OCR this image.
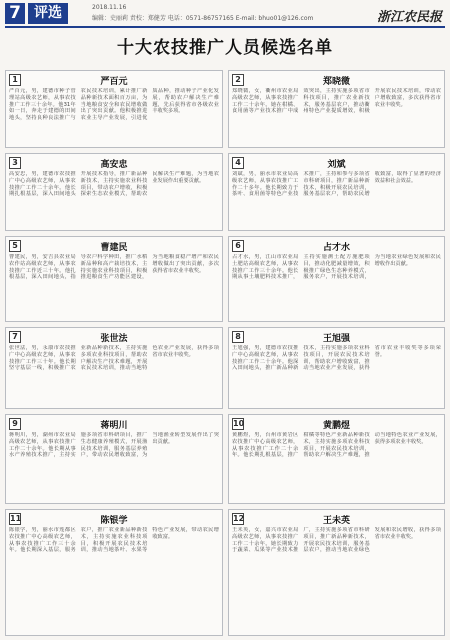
7 评选	2018.11.16
编辑：史丽莉 责校：郑健芳 电话：0571-86757165 E-mail: bhuo01@126.com	浙江农民报
十大农技推广人员候选名单
1	严百元
严百元，男，建德市种子管理站高级农艺师，从事农技推广工作三十余年。他31年如一日，奔走于建德的田间地头，坚持良种良法推广与农民技术培训，累计推广新品种新技术面积百万亩，为当地粮食安全和农民增收做出了突出贡献。他积极推进农业主导产业发展，引进优质品种，推动种子产业化发展，帮助农户解决生产难题，先后获得省市各级农业丰收奖多项。
2	郑晓微
郑晓微，女，衢州市农业局高级农艺师，从事农技推广工作二十余年。她在柑橘、食用菌等产业技术推广中成效突出，主持实施多项省市科技项目，推广农业新技术，服务基层农户，推动衢州特色产业提质增效，积极开展农民技术培训，带动农户增收致富，多次获得省市农业丰收奖。
3	高安忠
高安忠，男，建德市农技推广中心高级农艺师，从事农技推广工作二十余年。他长期扎根基层，深入田间地头开展技术指导，推广新品种新技术，主持实施农业科技项目，带动农户增收，积极探索生态农业模式，帮助农民解决生产难题，为当地农业发展作出重要贡献。
4	刘斌
刘斌，男，丽水市农业局高级农艺师，从事农技推广工作二十多年。他长期致力于茶叶、食用菌等特色产业技术推广，主持和参与多项省市科研项目，推广新品种新技术，积极开展农民培训，服务基层农户，帮助农民增收致富，取得了显著的经济效益和社会效益。
5	曹建民
曹建民，男，安吉县农业局农作站高级农艺师，从事农技推广工作近三十年。他扎根基层，深入田间地头，指导农户科学种田，推广水稻新品种和高产栽培技术，主持实施农业科技项目，积极推进粮食生产功能区建设，为当地粮食稳产增产和农民增收做出了突出贡献，多次获得省市农业丰收奖。
6	占才水
占才水，男，江山市农业局土肥站高级农艺师，从事农技推广工作三十余年。他长期从事土壤肥料技术推广，主持实施测土配方施肥项目，推动化肥减量增效，积极推广绿色生态种养模式，服务农户，开展技术培训，为当地农业绿色发展和农民增收作出贡献。
7	张世法
张世法，男，永康市农技推广中心高级农艺师，从事农技推广工作三十年。他长期坚守基层一线，积极推广农业新品种新技术，主持实施多项农业科技项目，帮助农户解决生产技术难题，开展农民技术培训，推动当地特色农业产业发展，获得多项省市农业丰收奖。
8	王旭强
王旭强，男，建德市农技推广中心高级农艺师，从事农技推广工作二十余年。他深入田间地头，推广新品种新技术，主持实施多项农业科技项目，开展农民技术培训，帮助农户增收致富，推动当地农业产业发展，获得省市农业丰收奖等多项荣誉。
9	蒋明川
蒋明川，男，湖州市农业局高级农艺师，从事农技推广工作二十余年。他长期从事水产养殖技术推广，主持实施多项省市科研项目，推广生态健康养殖模式，开展渔民技术培训，服务基层养殖户，带动农民增收致富，为当地渔业转型发展作出了突出贡献。
10	黄鹏煜
黄鹏煜，男，台州市黄岩区农技推广中心高级农艺师，从事农技推广工作二十余年。他长期扎根基层，推广柑橘等特色产业新品种新技术，主持实施多项农业科技项目，开展农民技术培训，帮助农户解决生产难题，推动当地特色农业产业发展，获得多项农业丰收奖。
11	陈银学
陈银学，男，丽水市莲都区农技推广中心高级农艺师，从事农技推广工作三十余年。他长期深入基层，服务农户，推广农业新品种新技术，主持实施农业科技项目，积极开展农民技术培训，推动当地茶叶、水果等特色产业发展，带动农民增收致富。
12	王未英
王未英，女，嘉兴市农业局高级农艺师，从事农技推广工作二十余年。她长期致力于蔬菜、瓜果等产业技术推广，主持实施多项省市科研项目，推广新品种新技术，开展农民技术培训，服务基层农户，推动当地农业绿色发展和农民增收，获得多项省市农业丰收奖。
